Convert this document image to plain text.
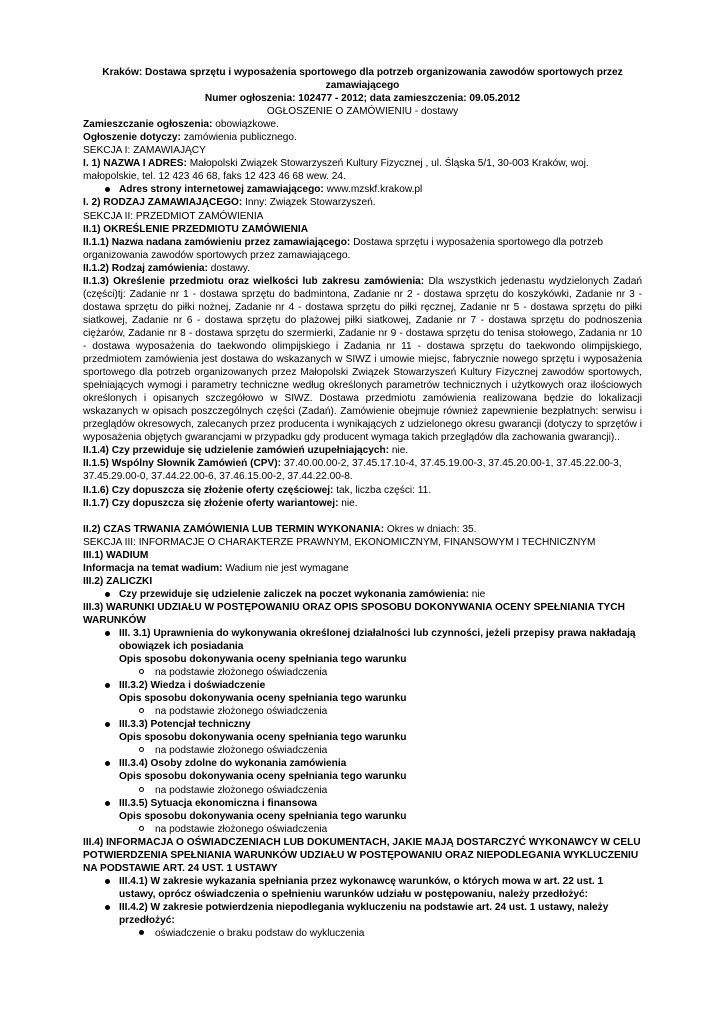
Kraków: Dostawa sprzętu i wyposażenia sportowego dla potrzeb organizowania zawodów sportowych przez zamawiającego

Numer ogłoszenia: 102477 - 2012; data zamieszczenia: 09.05.2012

OGŁOSZENIE O ZAMÓWIENIU - dostawy

Zamieszczanie ogłoszenia: obowiązkowe.

Ogłoszenie dotyczy: zamówienia publicznego.

SEKCJA I: ZAMAWIAJĄCY

I. 1) NAZWA I ADRES: Małopolski Związek Stowarzyszeń Kultury Fizycznej , ul. Śląska 5/1, 30-003 Kraków, woj. małopolskie, tel. 12 423 46 68, faks 12 423 46 68 wew. 24.

Adres strony internetowej zamawiającego: www.mzskf.krakow.pl

I. 2) RODZAJ ZAMAWIAJĄCEGO: Inny: Związek Stowarzyszeń.

SEKCJA II: PRZEDMIOT ZAMÓWIENIA

II.1) OKREŚLENIE PRZEDMIOTU ZAMÓWIENIA

II.1.1) Nazwa nadana zamówieniu przez zamawiającego: Dostawa sprzętu i wyposażenia sportowego dla potrzeb organizowania zawodów sportowych przez zamawiającego.

II.1.2) Rodzaj zamówienia: dostawy.

II.1.3) Określenie przedmiotu oraz wielkości lub zakresu zamówienia: Dla wszystkich jedenastu wydzielonych Zadań (części)tj: Zadanie nr 1 - dostawa sprzętu do badmintona, Zadanie nr 2 - dostawa sprzętu do koszykówki, Zadanie nr 3 - dostawa sprzętu do piłki nożnej, Zadanie nr 4 - dostawa sprzętu do piłki ręcznej, Zadanie nr 5 - dostawa sprzętu do piłki siatkowej, Zadanie nr 6 - dostawa sprzętu do plażowej piłki siatkowej, Zadanie nr 7 - dostawa sprzętu do podnoszenia ciężarów, Zadanie nr 8 - dostawa sprzętu do szermierki, Zadanie nr 9 - dostawa sprzętu do tenisa stołowego, Zadania nr 10 - dostawa wyposażenia do taekwondo olimpijskiego i Zadania nr 11 - dostawa sprzętu do taekwondo olimpijskiego, przedmiotem zamówienia jest dostawa do wskazanych w SIWZ i umowie miejsc, fabrycznie nowego sprzętu i wyposażenia sportowego dla potrzeb organizowanych przez Małopolski Związek Stowarzyszeń Kultury Fizycznej zawodów sportowych, spełniających wymogi i parametry techniczne według określonych parametrów technicznych i użytkowych oraz ilościowych określonych i opisanych szczegółowo w SIWZ. Dostawa przedmiotu zamówienia realizowana będzie do lokalizacji wskazanych w opisach poszczególnych części (Zadań). Zamówienie obejmuje również zapewnienie bezpłatnych: serwisu i przeglądów okresowych, zalecanych przez producenta i wynikających z udzielonego okresu gwarancji (dotyczy to sprzętów i wyposażenia objętych gwarancjami w przypadku gdy producent wymaga takich przeglądów dla zachowania gwarancji)..

II.1.4) Czy przewiduje się udzielenie zamówień uzupełniających: nie.

II.1.5) Wspólny Słownik Zamówień (CPV): 37.40.00.00-2, 37.45.17.10-4, 37.45.19.00-3, 37.45.20.00-1, 37.45.22.00-3, 37.45.29.00-0, 37.44.22.00-6, 37.46.15.00-2, 37.44.22.00-8.

II.1.6) Czy dopuszcza się złożenie oferty częściowej: tak, liczba części: 11.

II.1.7) Czy dopuszcza się złożenie oferty wariantowej: nie.

II.2) CZAS TRWANIA ZAMÓWIENIA LUB TERMIN WYKONANIA: Okres w dniach: 35.

SEKCJA III: INFORMACJE O CHARAKTERZE PRAWNYM, EKONOMICZNYM, FINANSOWYM I TECHNICZNYM

III.1) WADIUM

Informacja na temat wadium: Wadium nie jest wymagane

III.2) ZALICZKI

Czy przewiduje się udzielenie zaliczek na poczet wykonania zamówienia: nie

III.3) WARUNKI UDZIAŁU W POSTĘPOWANIU ORAZ OPIS SPOSOBU DOKONYWANIA OCENY SPEŁNIANIA TYCH WARUNKÓW

III. 3.1) Uprawnienia do wykonywania określonej działalności lub czynności, jeżeli przepisy prawa nakładają obowiązek ich posiadania

Opis sposobu dokonywania oceny spełniania tego warunku

na podstawie złożonego oświadczenia

III.3.2) Wiedza i doświadczenie

Opis sposobu dokonywania oceny spełniania tego warunku

na podstawie złożonego oświadczenia

III.3.3) Potencjał techniczny

Opis sposobu dokonywania oceny spełniania tego warunku

na podstawie złożonego oświadczenia

III.3.4) Osoby zdolne do wykonania zamówienia

Opis sposobu dokonywania oceny spełniania tego warunku

na podstawie złożonego oświadczenia

III.3.5) Sytuacja ekonomiczna i finansowa

Opis sposobu dokonywania oceny spełniania tego warunku

na podstawie złożonego oświadczenia

III.4) INFORMACJA O OŚWIADCZENIACH LUB DOKUMENTACH, JAKIE MAJĄ DOSTARCZYĆ WYKONAWCY W CELU POTWIERDZENIA SPEŁNIANIA WARUNKÓW UDZIAŁU W POSTĘPOWANIU ORAZ NIEPODLEGANIA WYKLUCZENIU NA PODSTAWIE ART. 24 UST. 1 USTAWY

III.4.1) W zakresie wykazania spełniania przez wykonawcę warunków, o których mowa w art. 22 ust. 1 ustawy, oprócz oświadczenia o spełnieniu warunków udziału w postępowaniu, należy przedłożyć:

III.4.2) W zakresie potwierdzenia niepodlegania wykluczeniu na podstawie art. 24 ust. 1 ustawy, należy przedłożyć:

oświadczenie o braku podstaw do wykluczenia
